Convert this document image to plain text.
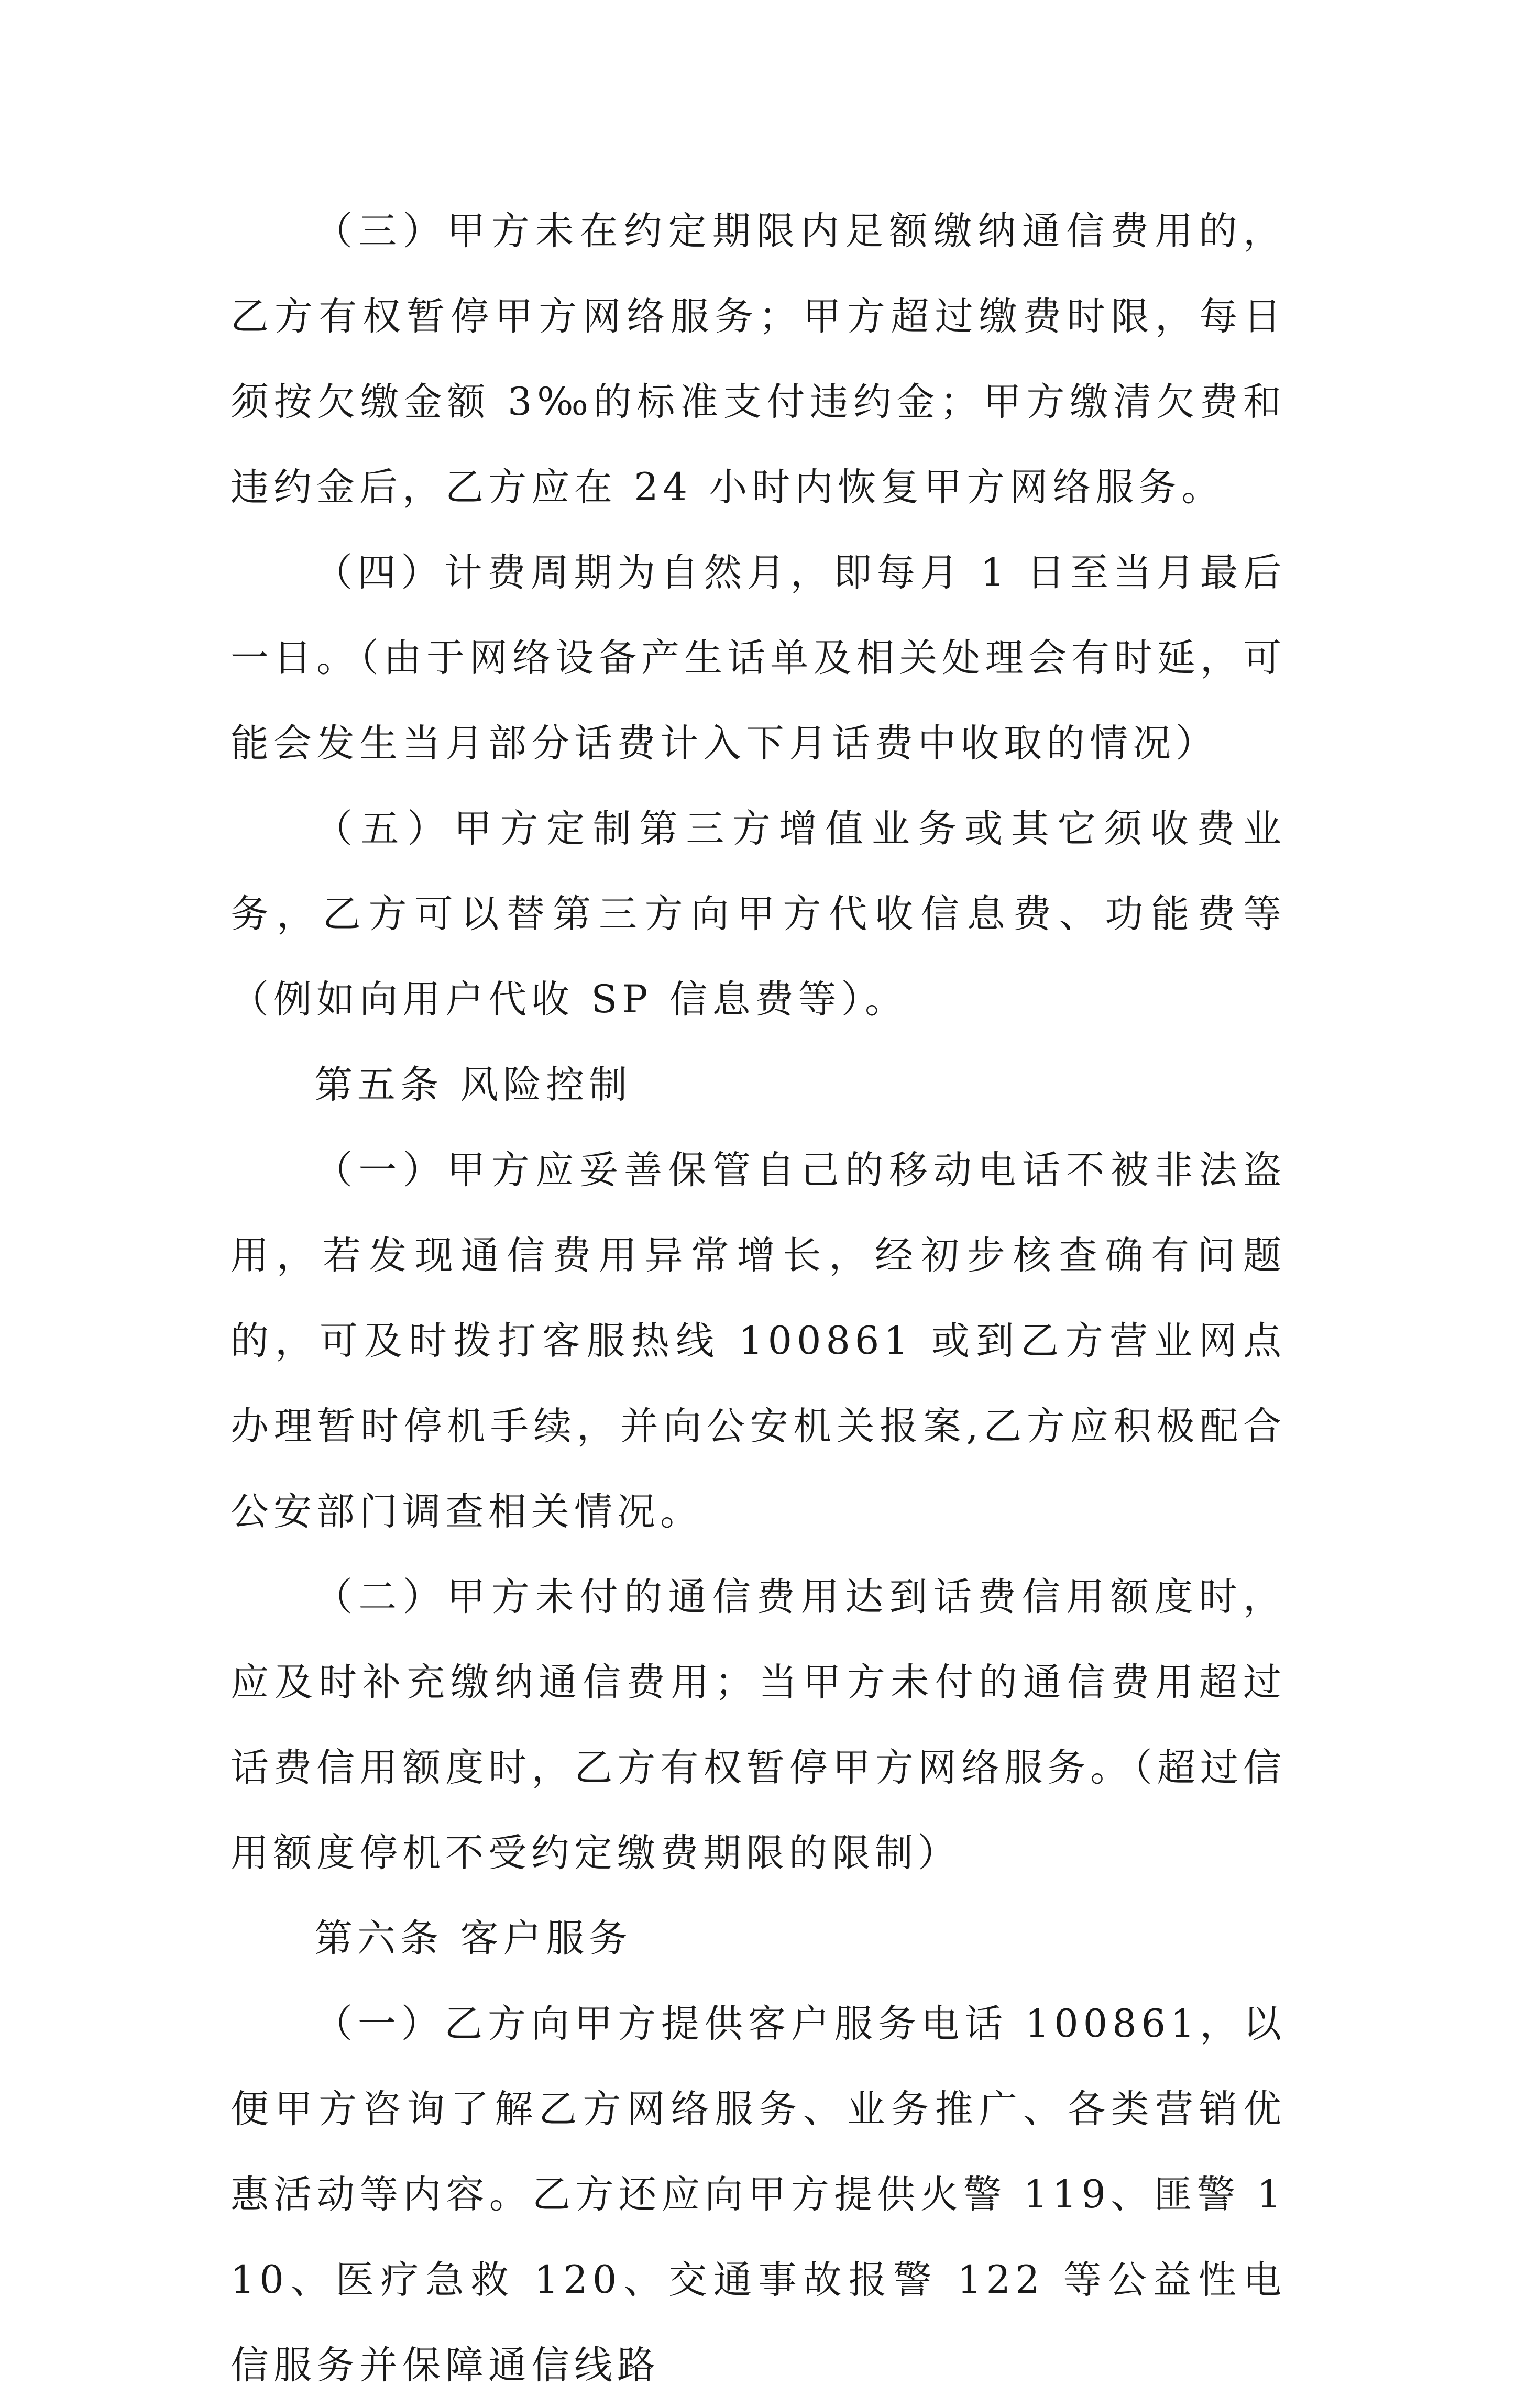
（三）甲方未在约定期限内足额缴纳通信费用的，乙方有权暂停甲方网络服务；甲方超过缴费时限，每日须按欠缴金额 3‰的标准支付违约金；甲方缴清欠费和违约金后，乙方应在 24 小时内恢复甲方网络服务。

（四）计费周期为自然月，即每月 1 日至当月最后一日。（由于网络设备产生话单及相关处理会有时延，可能会发生当月部分话费计入下月话费中收取的情况）

（五）甲方定制第三方增值业务或其它须收费业务，乙方可以替第三方向甲方代收信息费、功能费等（例如向用户代收 SP 信息费等）。

第五条 风险控制

（一）甲方应妥善保管自己的移动电话不被非法盗用，若发现通信费用异常增长，经初步核查确有问题的，可及时拨打客服热线 100861 或到乙方营业网点办理暂时停机手续，并向公安机关报案,乙方应积极配合公安部门调查相关情况。

（二）甲方未付的通信费用达到话费信用额度时，应及时补充缴纳通信费用；当甲方未付的通信费用超过话费信用额度时，乙方有权暂停甲方网络服务。（超过信用额度停机不受约定缴费期限的限制）

第六条 客户服务

（一）乙方向甲方提供客户服务电话 100861，以便甲方咨询了解乙方网络服务、业务推广、各类营销优惠活动等内容。乙方还应向甲方提供火警 119、匪警 110、医疗急救 120、交通事故报警 122 等公益性电信服务并保障通信线路
